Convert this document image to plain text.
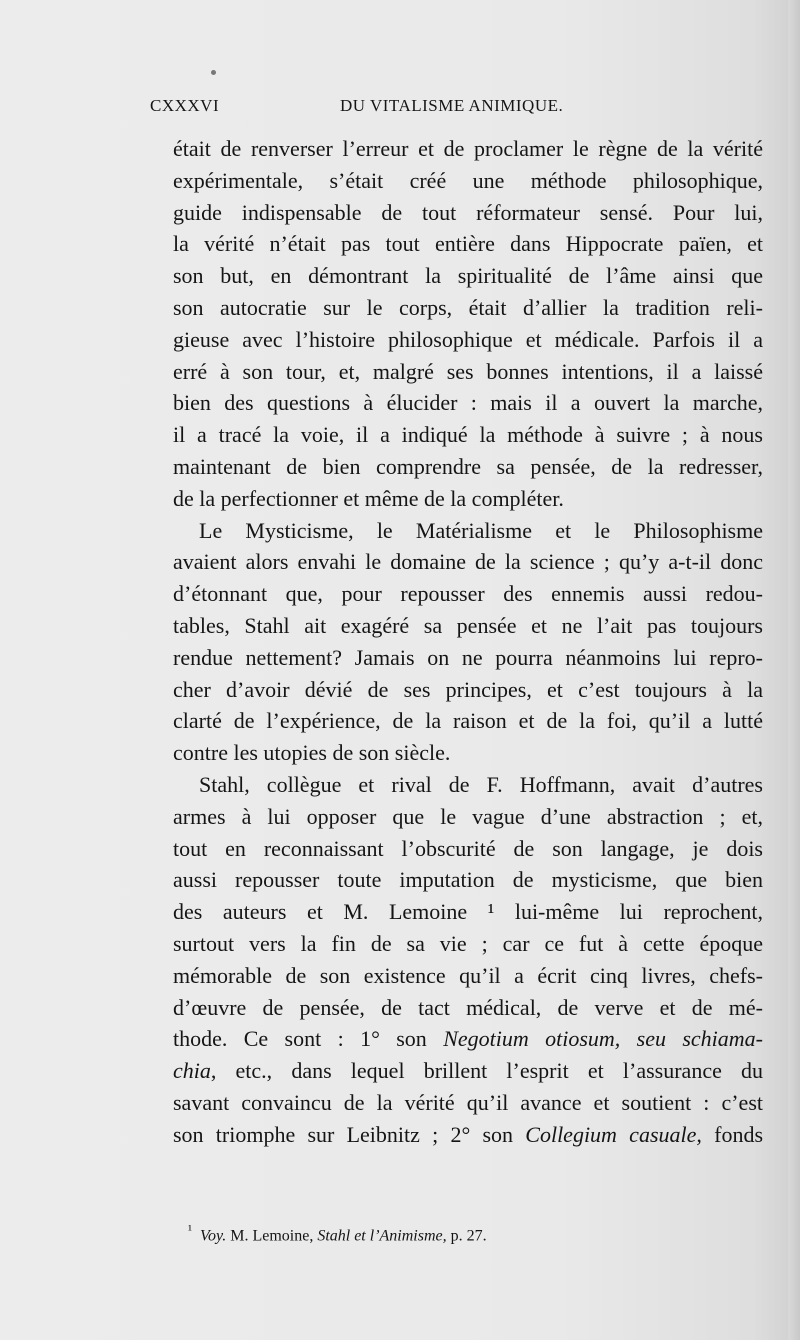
CXXXVI	DU VITALISME ANIMIQUE.
était de renverser l’erreur et de proclamer le règne de la vérité
expérimentale, s’était créé une méthode philosophique,
guide indispensable de tout réformateur sensé. Pour lui,
la vérité n’était pas tout entière dans Hippocrate païen, et
son but, en démontrant la spiritualité de l’âme ainsi que
son autocratie sur le corps, était d’allier la tradition reli-
gieuse avec l’histoire philosophique et médicale. Parfois il a
erré à son tour, et, malgré ses bonnes intentions, il a laissé
bien des questions à élucider : mais il a ouvert la marche,
il a tracé la voie, il a indiqué la méthode à suivre ; à nous
maintenant de bien comprendre sa pensée, de la redresser,
de la perfectionner et même de la compléter.
Le Mysticisme, le Matérialisme et le Philosophisme
avaient alors envahi le domaine de la science ; qu’y a-t-il donc
d’étonnant que, pour repousser des ennemis aussi redou-
tables, Stahl ait exagéré sa pensée et ne l’ait pas toujours
rendue nettement? Jamais on ne pourra néanmoins lui repro-
cher d’avoir dévié de ses principes, et c’est toujours à la
clarté de l’expérience, de la raison et de la foi, qu’il a lutté
contre les utopies de son siècle.
Stahl, collègue et rival de F. Hoffmann, avait d’autres
armes à lui opposer que le vague d’une abstraction ; et,
tout en reconnaissant l’obscurité de son langage, je dois
aussi repousser toute imputation de mysticisme, que bien
des auteurs et M. Lemoine ¹ lui-même lui reprochent,
surtout vers la fin de sa vie ; car ce fut à cette époque
mémorable de son existence qu’il a écrit cinq livres, chefs-
d’œuvre de pensée, de tact médical, de verve et de mé-
thode. Ce sont : 1° son Negotium otiosum, seu schiama-
chia, etc., dans lequel brillent l’esprit et l’assurance du
savant convaincu de la vérité qu’il avance et soutient : c’est
son triomphe sur Leibnitz ; 2° son Collegium casuale, fonds
$^{^1}$ Voy. M. Lemoine, Stahl et l’Animisme, p. 27.
